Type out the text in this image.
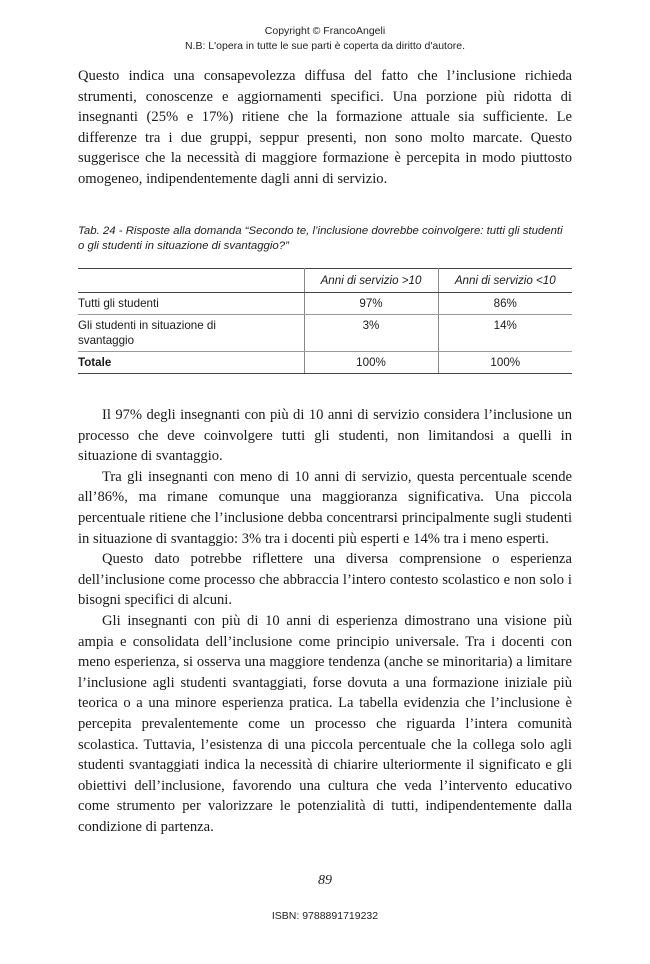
Copyright © FrancoAngeli
N.B: L'opera in tutte le sue parti è coperta da diritto d'autore.

Questo indica una consapevolezza diffusa del fatto che l’inclusione richieda strumenti, conoscenze e aggiornamenti specifici. Una porzione più ridotta di insegnanti (25% e 17%) ritiene che la formazione attuale sia sufficiente. Le differenze tra i due gruppi, seppur presenti, non sono molto marcate. Questo suggerisce che la necessità di maggiore formazione è percepita in modo piuttosto omogeneo, indipendentemente dagli anni di servizio.

Tab. 24 - Risposte alla domanda “Secondo te, l’inclusione dovrebbe coinvolgere: tutti gli studenti o gli studenti in situazione di svantaggio?”

	Anni di servizio >10	Anni di servizio <10
Tutti gli studenti	97%	86%

Gli studenti in situazione di svantaggio	3%	14%
Totale	100%	100%

Il 97% degli insegnanti con più di 10 anni di servizio considera l’inclusione un processo che deve coinvolgere tutti gli studenti, non limitandosi a quelli in situazione di svantaggio.

Tra gli insegnanti con meno di 10 anni di servizio, questa percentuale scende all’86%, ma rimane comunque una maggioranza significativa. Una piccola percentuale ritiene che l’inclusione debba concentrarsi principalmente sugli studenti in situazione di svantaggio: 3% tra i docenti più esperti e 14% tra i meno esperti.

Questo dato potrebbe riflettere una diversa comprensione o esperienza dell’inclusione come processo che abbraccia l’intero contesto scolastico e non solo i bisogni specifici di alcuni.

Gli insegnanti con più di 10 anni di esperienza dimostrano una visione più ampia e consolidata dell’inclusione come principio universale. Tra i docenti con meno esperienza, si osserva una maggiore tendenza (anche se minoritaria) a limitare l’inclusione agli studenti svantaggiati, forse dovuta a una formazione iniziale più teorica o a una minore esperienza pratica. La tabella evidenzia che l’inclusione è percepita prevalentemente come un processo che riguarda l’intera comunità scolastica. Tuttavia, l’esistenza di una piccola percentuale che la collega solo agli studenti svantaggiati indica la necessità di chiarire ulteriormente il significato e gli obiettivi dell’inclusione, favorendo una cultura che veda l’intervento educativo come strumento per valorizzare le potenzialità di tutti, indipendentemente dalla condizione di partenza.

89
ISBN: 9788891719232
